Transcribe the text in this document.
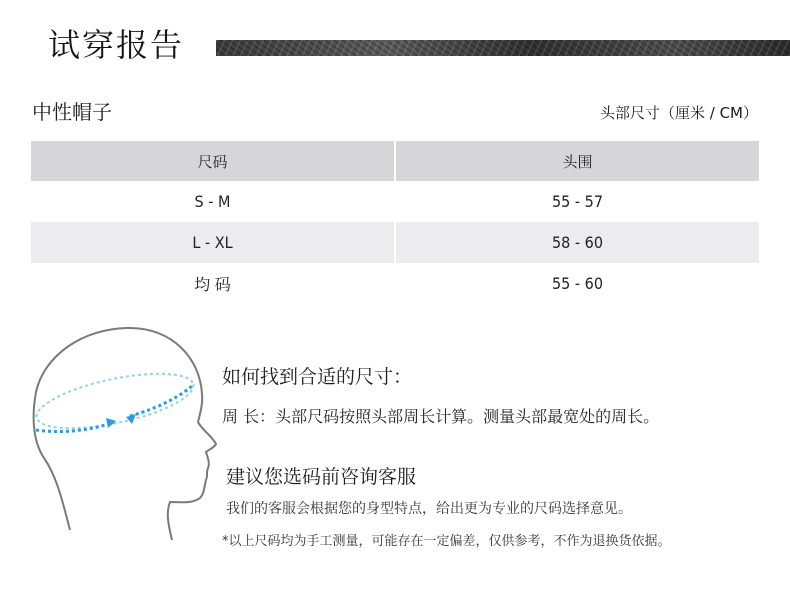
试穿报告
中性帽子	头部尺寸（厘米 / CM）
尺码	头围
S - M	55 - 57
L - XL	58 - 60
均 码	55 - 60
如何找到合适的尺寸：
周 长：头部尺码按照头部周长计算。测量头部最宽处的周长。
建议您选码前咨询客服
我们的客服会根据您的身型特点，给出更为专业的尺码选择意见。
*以上尺码均为手工测量，可能存在一定偏差，仅供参考，不作为退换货依据。
